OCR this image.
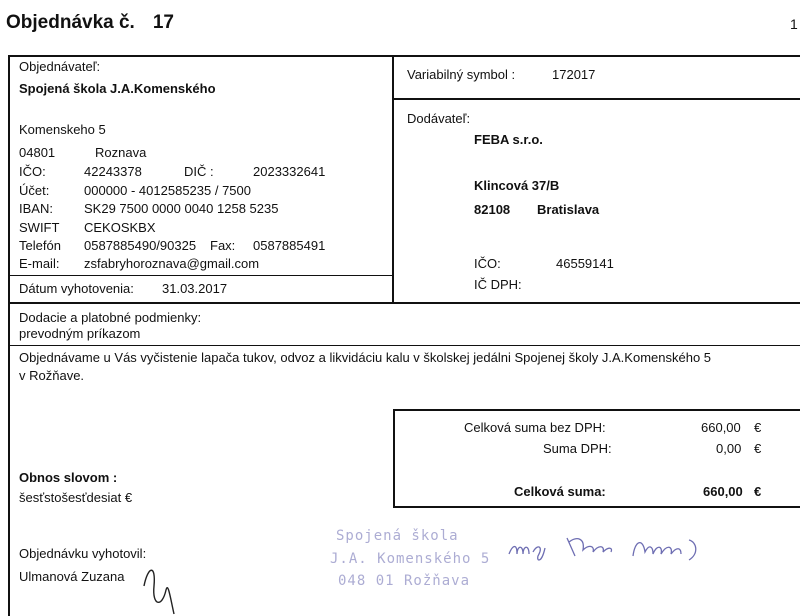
Objednávka č. 17	1
Objednávateľ:
Spojená škola J.A.Komenského
Komenskeho 5
04801	Roznava
IČO:	42243378	DIČ :	2023332641
Účet:	000000 - 4012585235 / 7500
IBAN: SK29 7500 0000 0040 1258 5235
SWIFT CEKOSKBX
Telefón 0587885490/90325 Fax: 0587885491
E-mail: zsfabryhoroznava@gmail.com
Dátum vyhotovenia: 31.03.2017
Variabilný symbol :	172017
Dodávateľ:
FEBA s.r.o.
Klincová 37/B
82108 Bratislava
IČO:	46559141
IČ DPH:
Dodacie a platobné podmienky:
prevodným príkazom
Objednávame u Vás vyčistenie lapača tukov, odvoz a likvidáciu kalu v školskej jedálni Spojenej školy J.A.Komenského 5
v Rožňave.
Celková suma bez DPH:	660,00 €
Suma DPH:	0,00 €
Celková suma:	660,00 €
Obnos slovom :
šesťstošesťdesiat €
Objednávku vyhotovil:
Ulmanová Zuzana
Spojená škola
J.A. Komenského 5
048 01 Rožňava
